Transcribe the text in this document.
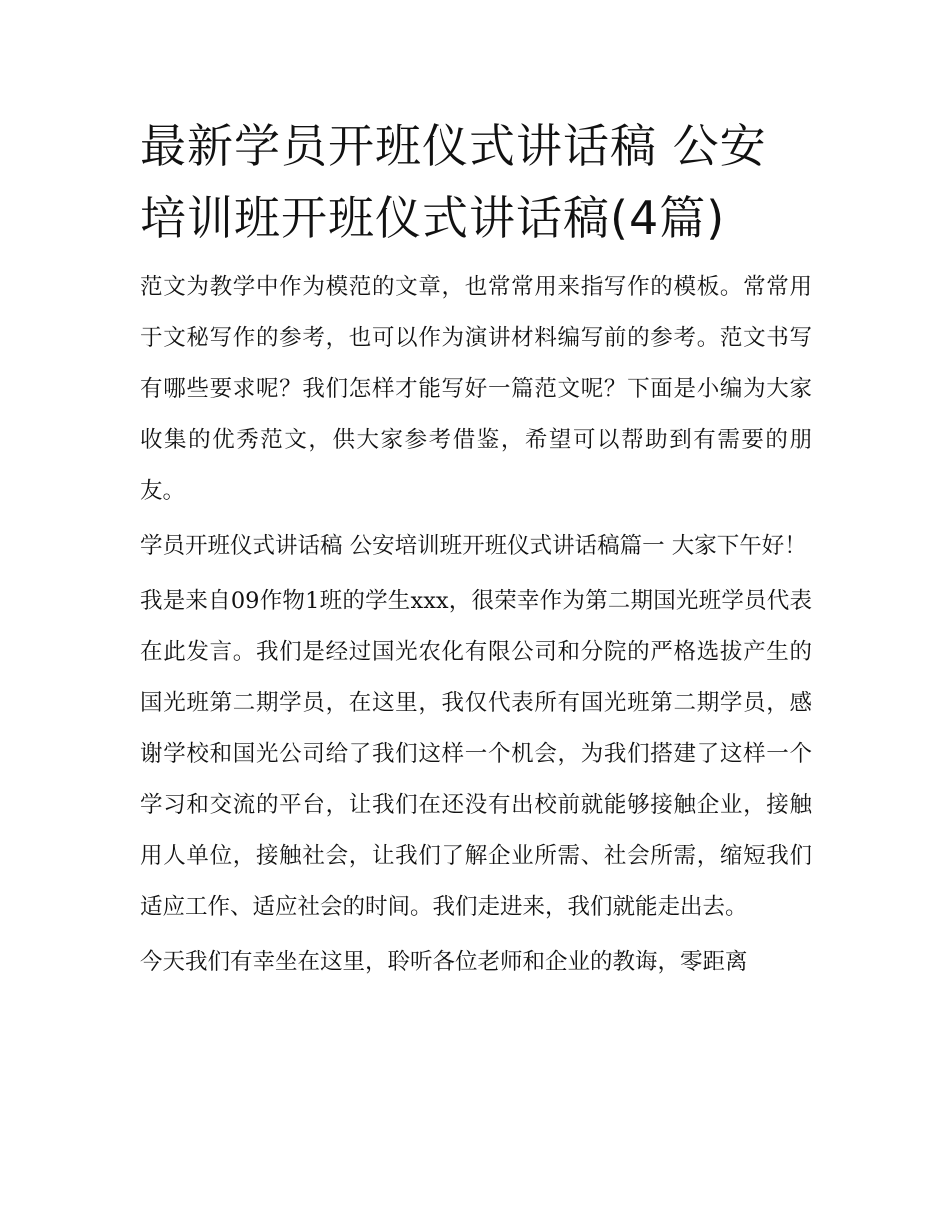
最新学员开班仪式讲话稿 公安培训班开班仪式讲话稿(4篇)

范文为教学中作为模范的文章，也常常用来指写作的模板。常常用于文秘写作的参考，也可以作为演讲材料编写前的参考。范文书写有哪些要求呢？我们怎样才能写好一篇范文呢？下面是小编为大家收集的优秀范文，供大家参考借鉴，希望可以帮助到有需要的朋友。

学员开班仪式讲话稿 公安培训班开班仪式讲话稿篇一 大家下午好！

我是来自09作物1班的学生xxx，很荣幸作为第二期国光班学员代表在此发言。我们是经过国光农化有限公司和分院的严格选拔产生的国光班第二期学员，在这里，我仅代表所有国光班第二期学员，感谢学校和国光公司给了我们这样一个机会，为我们搭建了这样一个学习和交流的平台，让我们在还没有出校前就能够接触企业，接触用人单位，接触社会，让我们了解企业所需、社会所需，缩短我们适应工作、适应社会的时间。我们走进来，我们就能走出去。

今天我们有幸坐在这里，聆听各位老师和企业的教诲，零距离
